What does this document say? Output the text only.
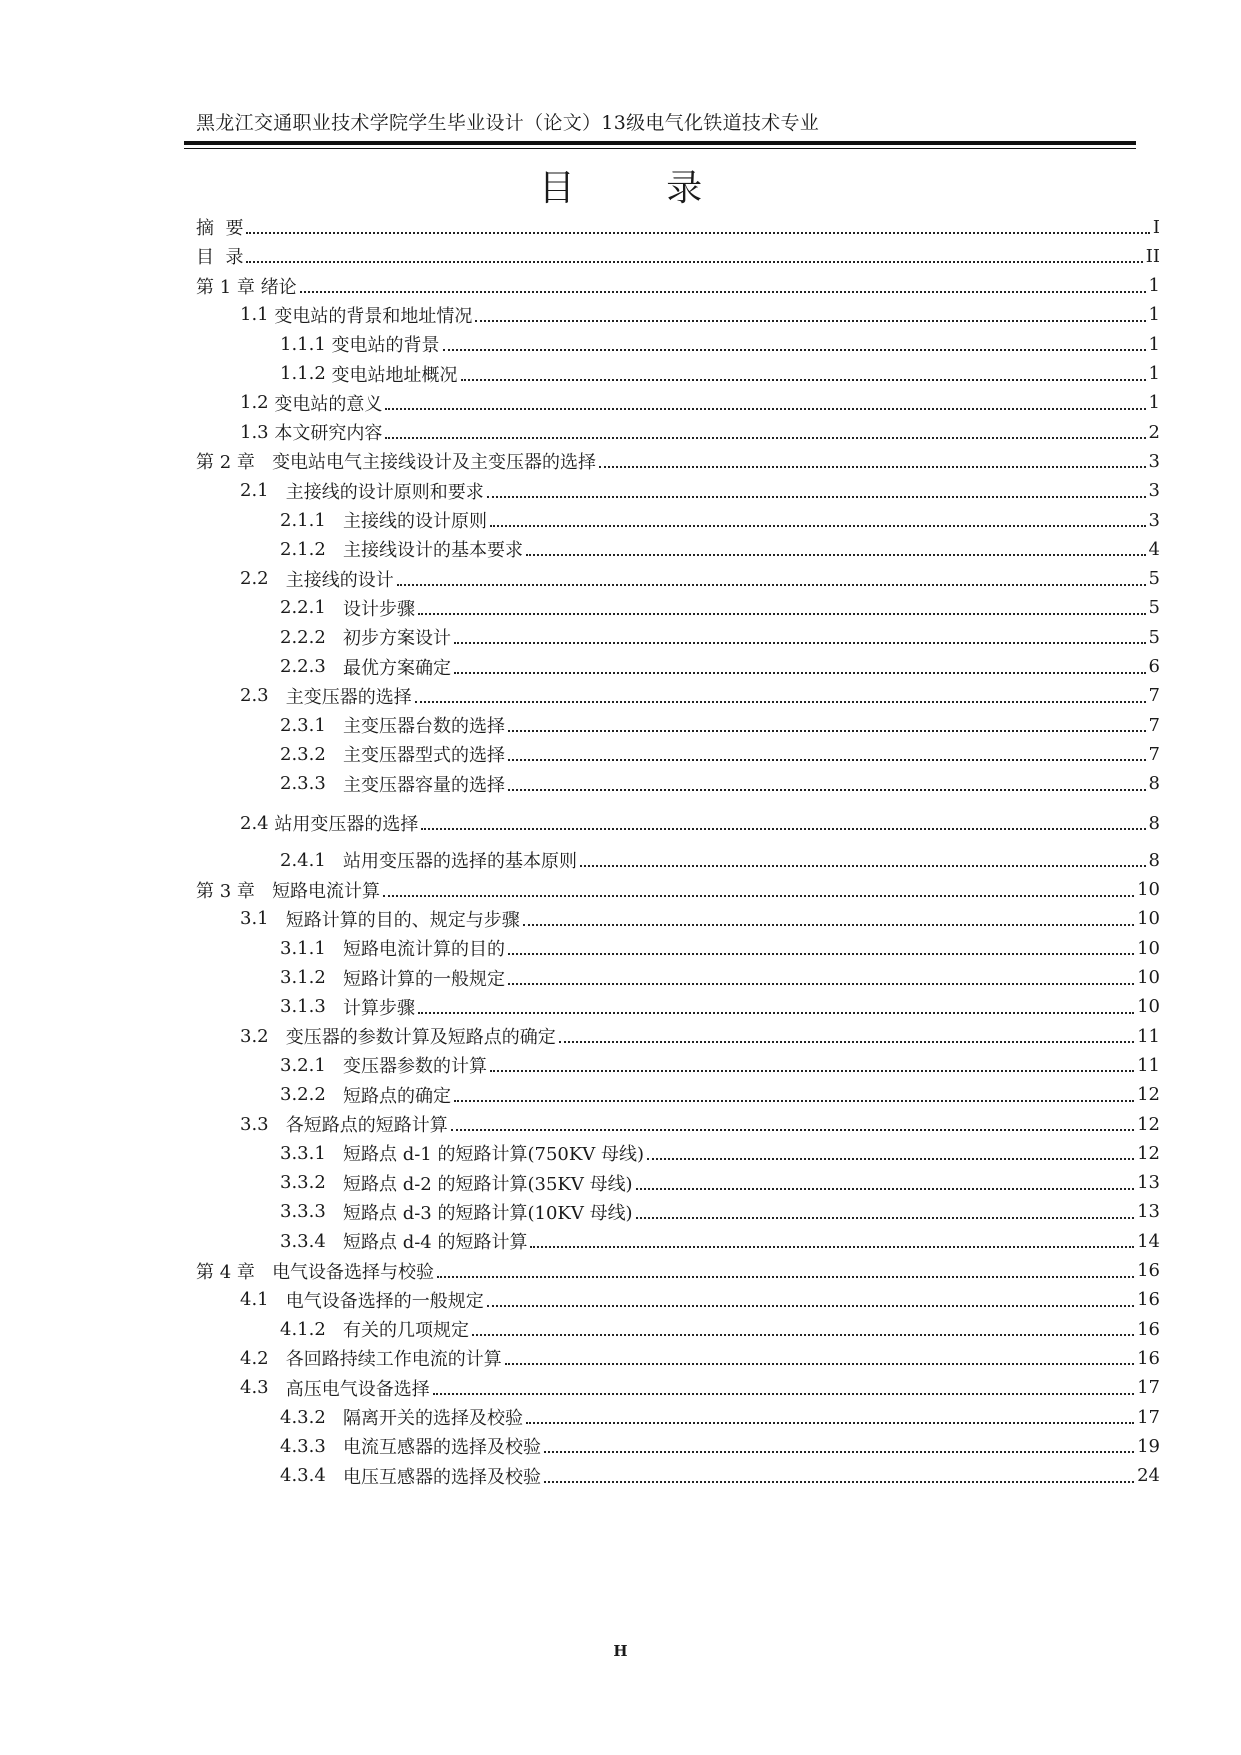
黑龙江交通职业技术学院学生毕业设计（论文）13级电气化铁道技术专业
目 录
摘  要	I
目  录	II
第 1 章 绪论	1
1.1 变电站的背景和地址情况	1
1.1.1 变电站的背景	1
1.1.2 变电站地址概况	1
1.2 变电站的意义	1
1.3 本文研究内容	2
第 2 章 变电站电气主接线设计及主变压器的选择	3
2.1 主接线的设计原则和要求	3
2.1.1 主接线的设计原则	3
2.1.2 主接线设计的基本要求	4
2.2 主接线的设计	5
2.2.1 设计步骤	5
2.2.2 初步方案设计	5
2.2.3 最优方案确定	6
2.3 主变压器的选择	7
2.3.1 主变压器台数的选择	7
2.3.2 主变压器型式的选择	7
2.3.3 主变压器容量的选择	8
2.4 站用变压器的选择	8
2.4.1 站用变压器的选择的基本原则	8
第 3 章 短路电流计算	10
3.1 短路计算的目的、规定与步骤	10
3.1.1 短路电流计算的目的	10
3.1.2 短路计算的一般规定	10
3.1.3 计算步骤	10
3.2 变压器的参数计算及短路点的确定	11
3.2.1 变压器参数的计算	11
3.2.2 短路点的确定	12
3.3 各短路点的短路计算	12
3.3.1 短路点 d-1 的短路计算(750KV 母线)	12
3.3.2 短路点 d-2 的短路计算(35KV 母线)	13
3.3.3 短路点 d-3 的短路计算(10KV 母线)	13
3.3.4 短路点 d-4 的短路计算	14
第 4 章 电气设备选择与校验	16
4.1 电气设备选择的一般规定	16
4.1.2 有关的几项规定	16
4.2 各回路持续工作电流的计算	16
4.3 高压电气设备选择	17
4.3.2 隔离开关的选择及校验	17
4.3.3 电流互感器的选择及校验	19
4.3.4 电压互感器的选择及校验	24
H
